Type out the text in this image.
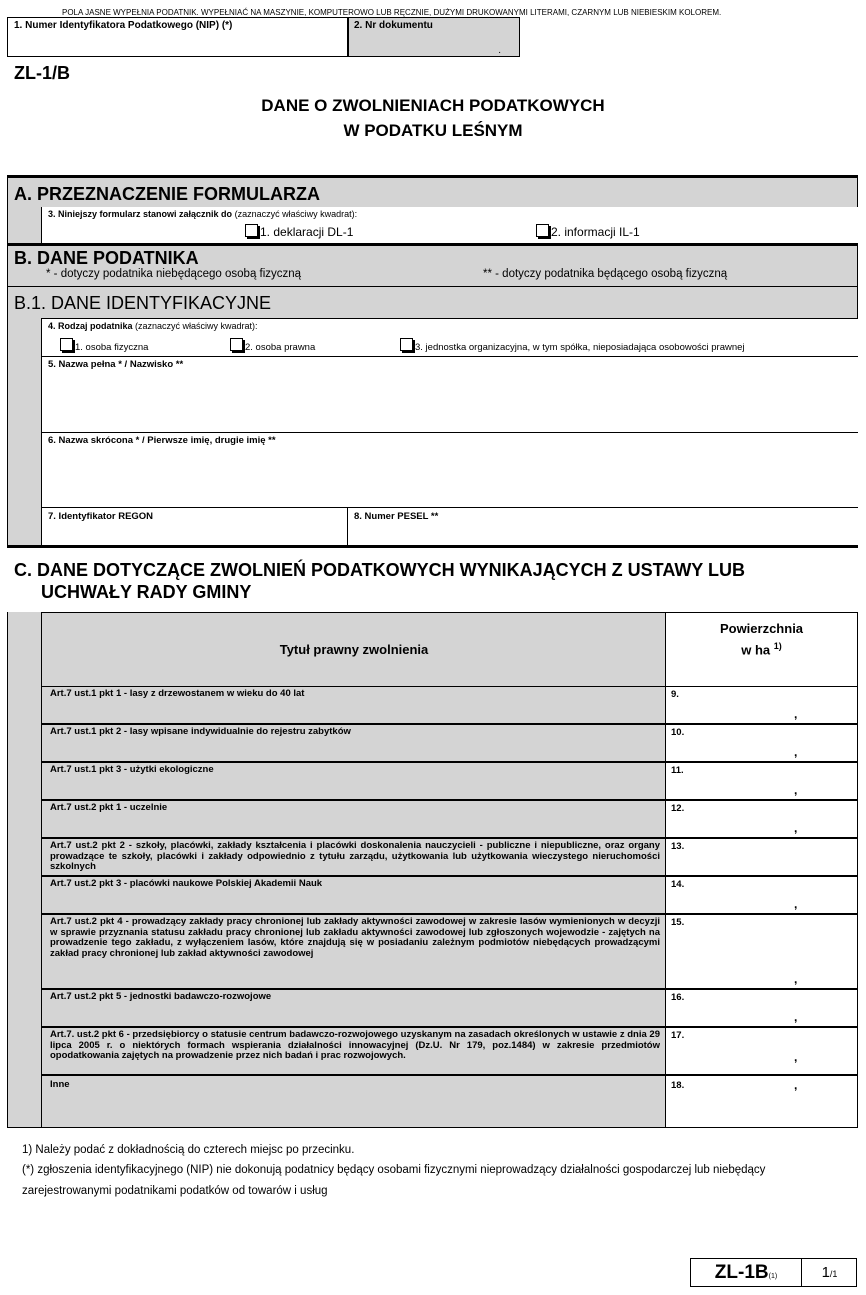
POLA JASNE WYPEŁNIA PODATNIK. WYPEŁNIAĆ NA MASZYNIE, KOMPUTEROWO LUB RĘCZNIE, DUŻYMI DRUKOWANYMI LITERAMI, CZARNYM LUB NIEBIESKIM KOLOREM.
1. Numer Identyfikatora Podatkowego (NIP) (*)	2. Nr dokumentu
.
ZL-1/B
DANE O ZWOLNIENIACH PODATKOWYCH
W PODATKU LEŚNYM
A. PRZEZNACZENIE FORMULARZA
3. Niniejszy formularz stanowi załącznik do (zaznaczyć właściwy kwadrat):
1. deklaracji DL-1	2. informacji IL-1
B. DANE PODATNIKA
* - dotyczy podatnika niebędącego osobą fizyczną	** - dotyczy podatnika będącego osobą fizyczną
B.1. DANE IDENTYFIKACYJNE
4. Rodzaj podatnika (zaznaczyć właściwy kwadrat):
1. osoba fizyczna	2. osoba prawna	3. jednostka organizacyjna, w tym spółka, nieposiadająca osobowości prawnej
5. Nazwa pełna * / Nazwisko **
6. Nazwa skrócona * / Pierwsze imię, drugie imię **
7. Identyfikator REGON	8. Numer PESEL **
C. DANE DOTYCZĄCE ZWOLNIEŃ PODATKOWYCH WYNIKAJĄCYCH Z USTAWY LUB
UCHWAŁY RADY GMINY
Tytuł prawny zwolnienia
Powierzchnia
w ha $^{1)}$
Art.7 ust.1 pkt 1 - lasy z drzewostanem w wieku do 40 lat	9.
,
Art.7 ust.1 pkt 2 - lasy wpisane indywidualnie do rejestru zabytków	10.
,
Art.7 ust.1 pkt 3 - użytki ekologiczne	11.
,
Art.7 ust.2 pkt 1 - uczelnie	12.
,
Art.7 ust.2 pkt 2 - szkoły, placówki, zakłady kształcenia i placówki doskonalenia nauczycieli - publiczne i niepubliczne, oraz organy prowadzące te szkoły, placówki i zakłady odpowiednio z tytułu zarządu, użytkowania lub użytkowania wieczystego nieruchomości szkolnych
13.
Art.7 ust.2 pkt 3 - placówki naukowe Polskiej Akademii Nauk	14.
,
Art.7 ust.2 pkt 4 - prowadzący zakłady pracy chronionej lub zakłady aktywności zawodowej w zakresie lasów wymienionych w decyzji w sprawie przyznania statusu zakładu pracy chronionej lub zakładu aktywności zawodowej lub zgłoszonych wojewodzie - zajętych na prowadzenie tego zakładu, z wyłączeniem lasów, które znajdują się w posiadaniu zależnym podmiotów niebędących prowadzącymi zakład pracy chronionej lub zakład aktywności zawodowej
15.
,
Art.7 ust.2 pkt 5 - jednostki badawczo-rozwojowe	16.
,
Art.7. ust.2 pkt 6 - przedsiębiorcy o statusie centrum badawczo-rozwojowego uzyskanym na zasadach określonych w ustawie z dnia 29 lipca 2005 r. o niektórych formach wspierania działalności innowacyjnej (Dz.U. Nr 179, poz.1484) w zakresie przedmiotów opodatkowania zajętych na prowadzenie przez nich badań i prac rozwojowych.
17.
,
Inne	18.	,
1) Należy podać z dokładnością do czterech miejsc po przecinku.
(*) zgłoszenia identyfikacyjnego (NIP) nie dokonują podatnicy będący osobami fizycznymi nieprowadzący działalności gospodarczej lub niebędący
zarejestrowanymi podatnikami podatków od towarów i usług
ZL-1B(1)	1/1
